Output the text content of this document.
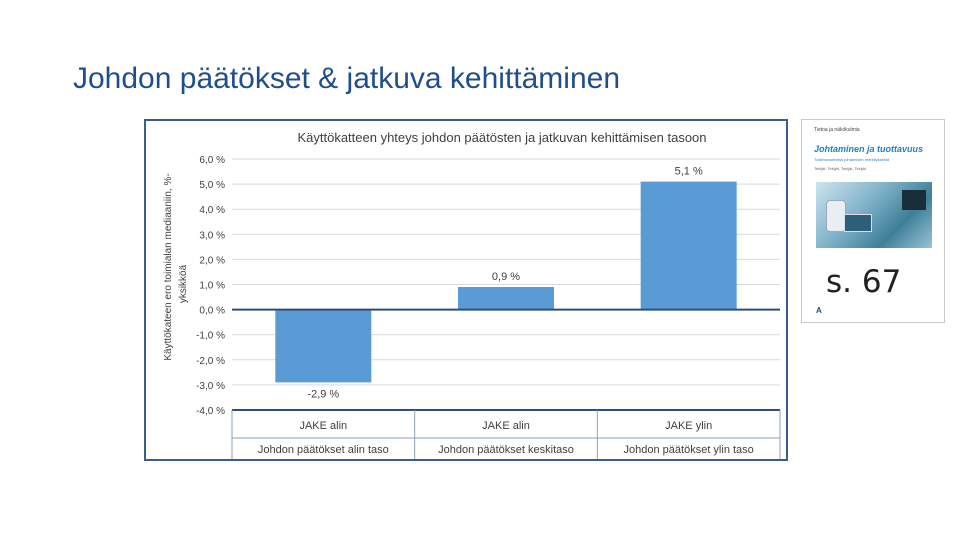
Johdon päätökset & jatkuva kehittäminen
Käyttökatteen yhteys johdon päätösten ja jatkuvan kehittämisen tasoon
6,0 %
5,0 %
4,0 %
3,0 %
2,0 %
1,0 %
0,0 %
-1,0 %
-2,0 %
-3,0 %
-4,0 %
Käyttökateen ero toimialan mediaaniin, %- yksikköä
-2,9 %
0,9 %
5,1 %
JAKE alin
Johdon päätökset alin taso
JAKE alin
Johdon päätökset keskitaso
JAKE ylin
Johdon päätökset ylin taso
Tietoa ja näkökulmia
Johtaminen ja tuottavuus
Tutkimusselvitys johtamisen merkityksestä
Tekijät, Tekijät, Tekijät, Tekijät
A
s. 67
